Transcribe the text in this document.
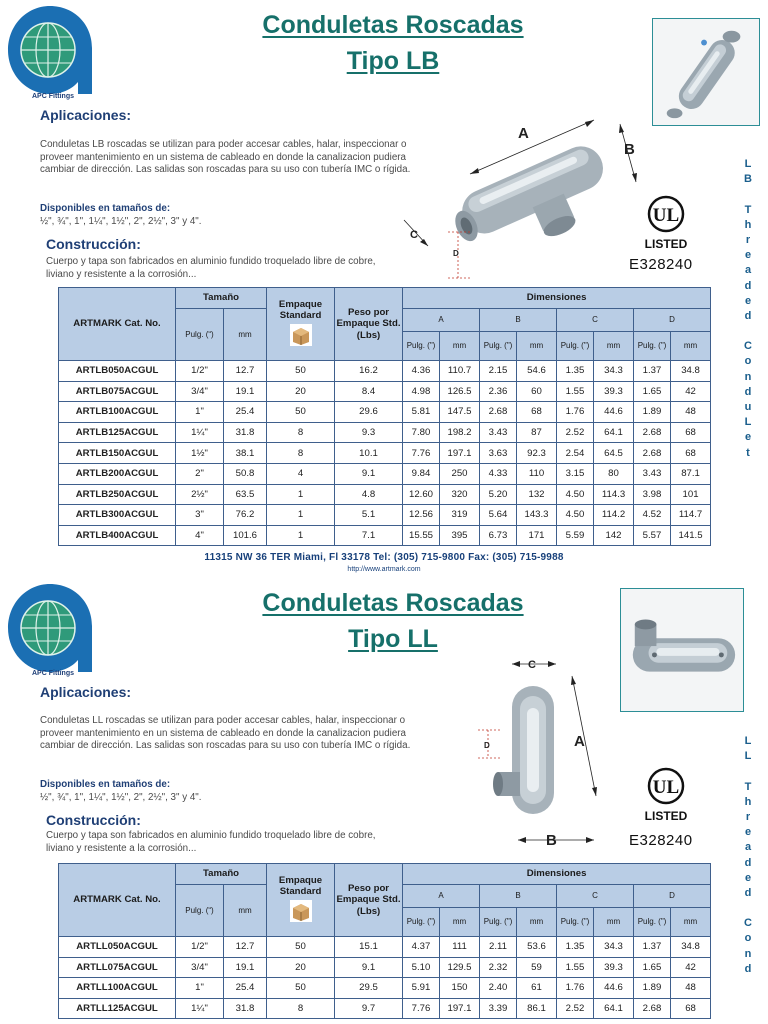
APC Fittings
Conduletas Roscadas
Tipo LB
Aplicaciones:
Conduletas LB roscadas se utilizan para poder accesar cables, halar, inspeccionar o proveer mantenimiento en un sistema de cableado en donde la canalizacion pudiera cambiar de dirección. Las salidas son roscadas para su uso con tubería IMC o rígida.
Disponibles en tamaños de:
½", ¾", 1", 1¼", 1½", 2", 2½", 3" y 4".
Construcción:
Cuerpo y tapa son fabricados en aluminio fundido troquelado libre de cobre, liviano y resistente a la corrosión...
A
B
C
D
UL
LISTED
E328240
L
B

T
h
r
e
a
d
e
d

C
o
n
d
u
L
e
t
ARTMARK Cat. No.	Tamaño		Empaque Standard	Peso por Empaque Std. (Lbs)	Dimensiones							
	Pulg. (“)	mm			A		B		C		D	
					Pulg. (")	mm	Pulg. (")	mm	Pulg. (")	mm	Pulg. (")	mm
ARTLB050ACGUL	1/2"	12.7	50	16.2	4.36	110.7	2.15	54.6	1.35	34.3	1.37	34.8
ARTLB075ACGUL	3/4"	19.1	20	8.4	4.98	126.5	2.36	60	1.55	39.3	1.65	42
ARTLB100ACGUL	1"	25.4	50	29.6	5.81	147.5	2.68	68	1.76	44.6	1.89	48
ARTLB125ACGUL	1¼"	31.8	8	9.3	7.80	198.2	3.43	87	2.52	64.1	2.68	68
ARTLB150ACGUL	1½"	38.1	8	10.1	7.76	197.1	3.63	92.3	2.54	64.5	2.68	68
ARTLB200ACGUL	2"	50.8	4	9.1	9.84	250	4.33	110	3.15	80	3.43	87.1
ARTLB250ACGUL	2½"	63.5	1	4.8	12.60	320	5.20	132	4.50	114.3	3.98	101
ARTLB300ACGUL	3"	76.2	1	5.1	12.56	319	5.64	143.3	4.50	114.2	4.52	114.7
ARTLB400ACGUL	4"	101.6	1	7.1	15.55	395	6.73	171	5.59	142	5.57	141.5
11315 NW 36 TER Miami, Fl 33178 Tel: (305) 715-9800 Fax: (305) 715-9988
http://www.artmark.com
APC Fittings
Conduletas Roscadas
Tipo LL
Aplicaciones:
Conduletas LL roscadas se utilizan para poder accesar cables, halar, inspeccionar o proveer mantenimiento en un sistema de cableado en donde la canalizacion pudiera cambiar de dirección. Las salidas son roscadas para su uso con tubería IMC o rígida.
Disponibles en tamaños de:
½", ¾", 1", 1¼", 1½", 2", 2½", 3" y 4".
Construcción:
Cuerpo y tapa son fabricados en aluminio fundido troquelado libre de cobre, liviano y resistente a la corrosión...
C
A
B
D
UL
LISTED
E328240
L
L

T
h
r
e
a
d
e
d

C
o
n
d
ARTMARK Cat. No.	Tamaño		Empaque Standard	Peso por Empaque Std. (Lbs)	Dimensiones							
	Pulg. (“)	mm			A		B		C		D	
					Pulg. (")	mm	Pulg. (")	mm	Pulg. (")	mm	Pulg. (")	mm
ARTLL050ACGUL	1/2"	12.7	50	15.1	4.37	111	2.11	53.6	1.35	34.3	1.37	34.8
ARTLL075ACGUL	3/4"	19.1	20	9.1	5.10	129.5	2.32	59	1.55	39.3	1.65	42
ARTLL100ACGUL	1"	25.4	50	29.5	5.91	150	2.40	61	1.76	44.6	1.89	48
ARTLL125ACGUL	1¼"	31.8	8	9.7	7.76	197.1	3.39	86.1	2.52	64.1	2.68	68
